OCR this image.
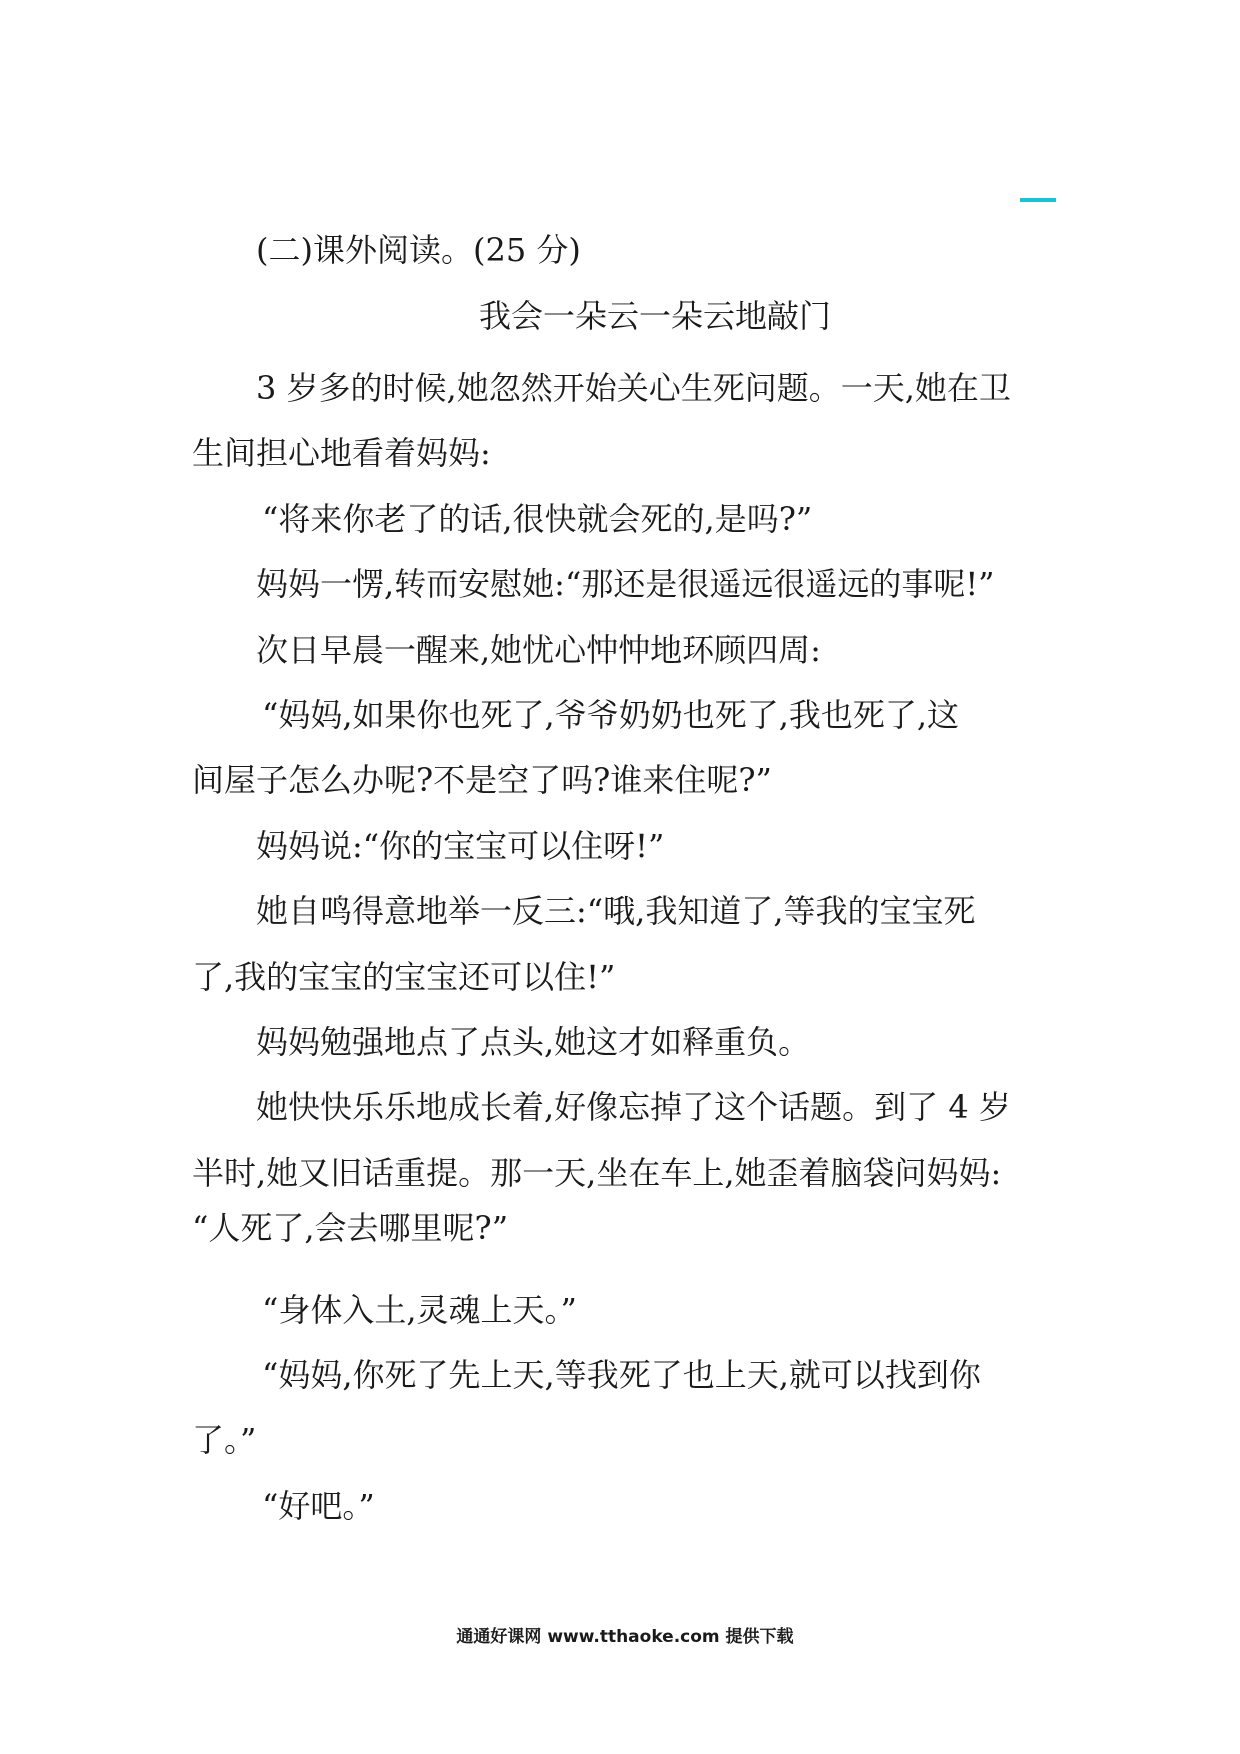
(二)课外阅读。(25 分)
我会一朵云一朵云地敲门
3 岁多的时候,她忽然开始关心生死问题。一天,她在卫
生间担心地看着妈妈:
“将来你老了的话,很快就会死的,是吗?”
妈妈一愣,转而安慰她:“那还是很遥远很遥远的事呢!”
次日早晨一醒来,她忧心忡忡地环顾四周:
“妈妈,如果你也死了,爷爷奶奶也死了,我也死了,这
间屋子怎么办呢?不是空了吗?谁来住呢?”
妈妈说:“你的宝宝可以住呀!”
她自鸣得意地举一反三:“哦,我知道了,等我的宝宝死
了,我的宝宝的宝宝还可以住!”
妈妈勉强地点了点头,她这才如释重负。
她快快乐乐地成长着,好像忘掉了这个话题。到了 4 岁
半时,她又旧话重提。那一天,坐在车上,她歪着脑袋问妈妈:
“人死了,会去哪里呢?”
“身体入土,灵魂上天。”
“妈妈,你死了先上天,等我死了也上天,就可以找到你
了。”
“好吧。”
通通好课网 www.tthaoke.com 提供下载
